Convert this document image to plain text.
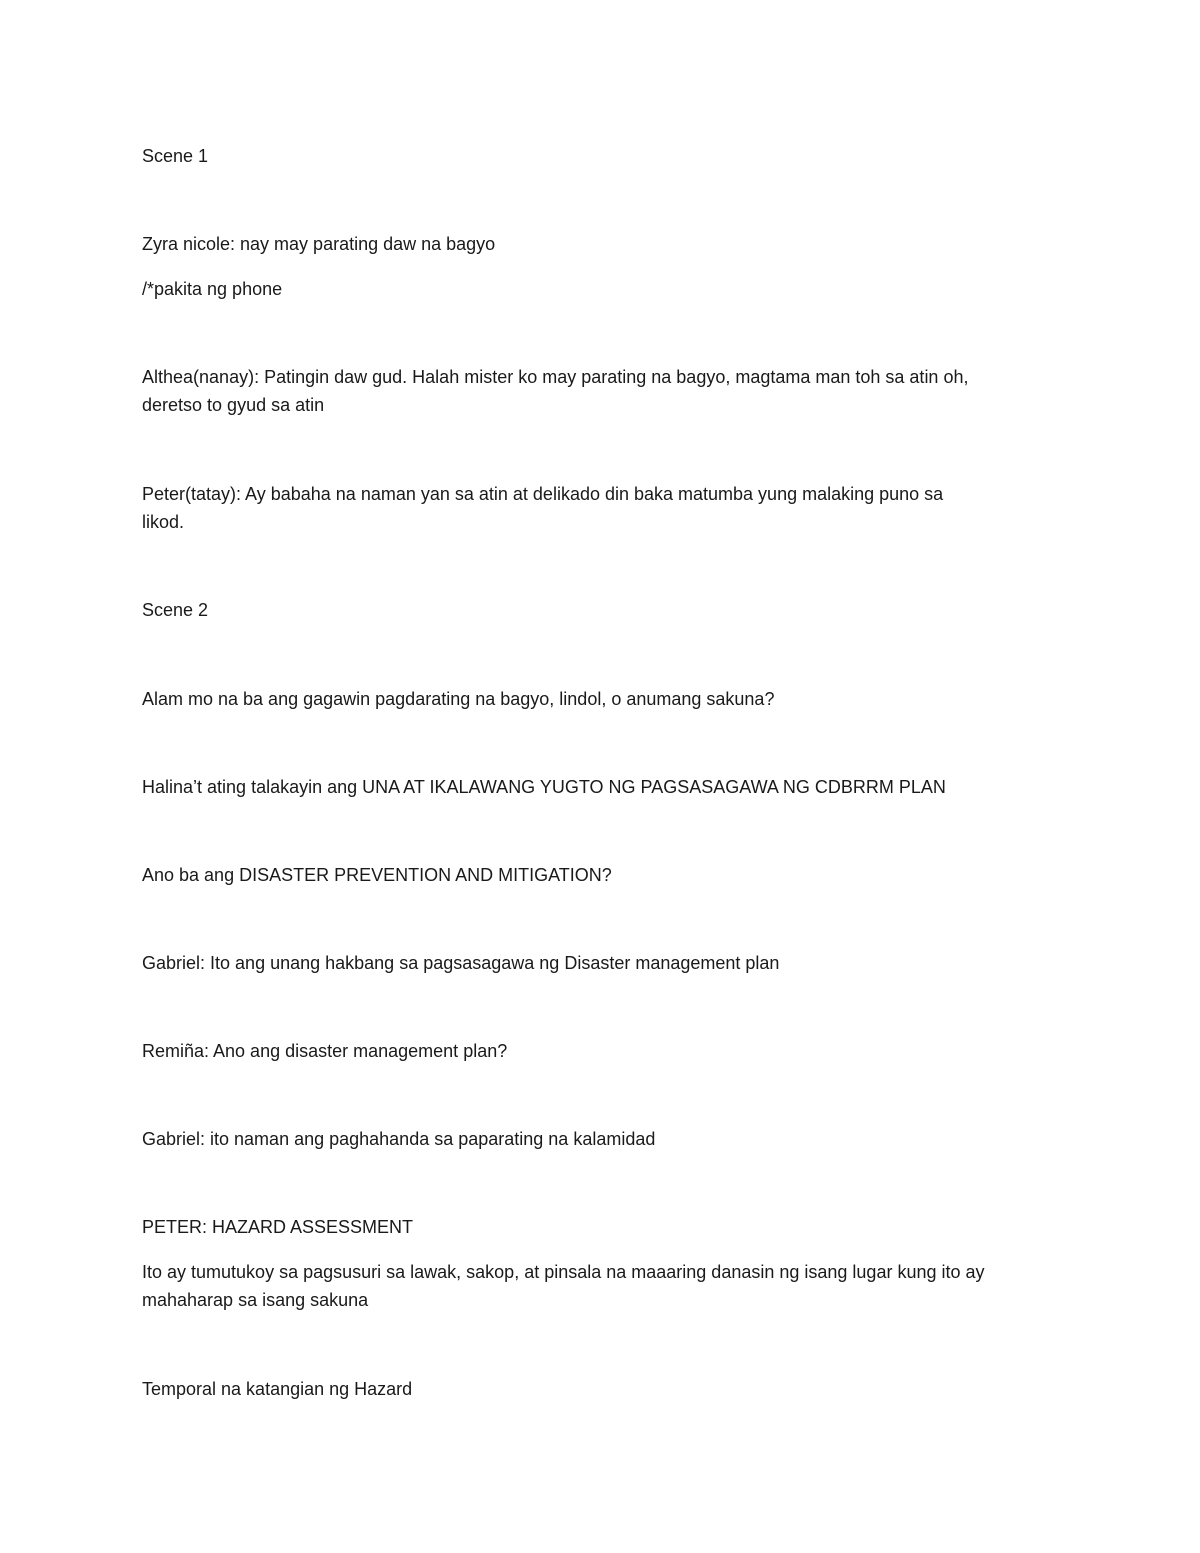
Scene 1

Zyra nicole: nay may parating daw na bagyo

/*pakita ng phone

Althea(nanay): Patingin daw gud. Halah mister ko may parating na bagyo, magtama man toh sa atin oh,

deretso to gyud sa atin

Peter(tatay): Ay babaha na naman yan sa atin at delikado din baka matumba yung malaking puno sa

likod.

Scene 2

Alam mo na ba ang gagawin pagdarating na bagyo, lindol, o anumang sakuna?

Halina’t ating talakayin ang UNA AT IKALAWANG YUGTO NG PAGSASAGAWA NG CDBRRM PLAN

Ano ba ang DISASTER PREVENTION AND MITIGATION?

Gabriel: Ito ang unang hakbang sa pagsasagawa ng Disaster management plan

Remiña: Ano ang disaster management plan?

Gabriel: ito naman ang paghahanda sa paparating na kalamidad

PETER: HAZARD ASSESSMENT

Ito ay tumutukoy sa pagsusuri sa lawak, sakop, at pinsala na maaaring danasin ng isang lugar kung ito ay

mahaharap sa isang sakuna

Temporal na katangian ng Hazard
